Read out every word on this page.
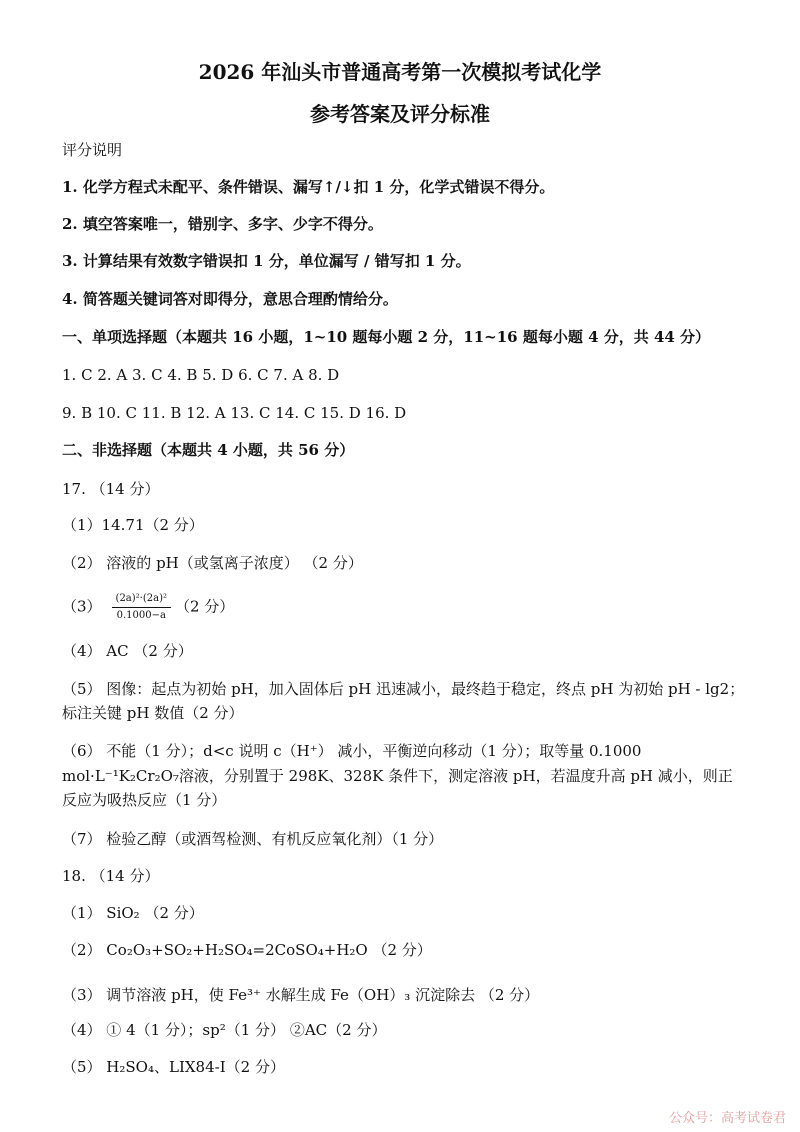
2026 年汕头市普通高考第一次模拟考试化学
参考答案及评分标准
评分说明
1. 化学方程式未配平、条件错误、漏写↑/↓扣 1 分，化学式错误不得分。
2. 填空答案唯一，错别字、多字、少字不得分。
3. 计算结果有效数字错误扣 1 分，单位漏写 / 错写扣 1 分。
4. 简答题关键词答对即得分，意思合理酌情给分。
一、单项选择题（本题共 16 小题，1~10 题每小题 2 分，11~16 题每小题 4 分，共 44 分）
1. C 2. A 3. C 4. B 5. D 6. C 7. A 8. D
9. B 10. C 11. B 12. A 13. C 14. C 15. D 16. D
二、非选择题（本题共 4 小题，共 56 分）
17. （14 分）
（1）14.71（2 分）
（2） 溶液的 pH（或氢离子浓度） （2 分）
$(3) \frac{\text{(2a)²·(2a)²}}{0.1000-a} (2$ 分）
（4） AC （2 分）
（5） 图像：起点为初始 pH，加入固体后 pH 迅速减小，最终趋于稳定，终点 pH 为初始 pH - lg2；
标注关键 pH 数值（2 分）
（6） 不能（1 分）；d<c 说明 c（H⁺） 减小，平衡逆向移动（1 分）；取等量 0.1000
mol·L⁻¹K₂Cr₂O₇溶液，分别置于 298K、328K 条件下，测定溶液 pH，若温度升高 pH 减小，则正
反应为吸热反应（1 分）
（7） 检验乙醇（或酒驾检测、有机反应氧化剂）（1 分）
18. （14 分）
（1） SiO₂ （2 分）
（2） Co₂O₃+SO₂+H₂SO₄=2CoSO₄+H₂O （2 分）
（3） 调节溶液 pH，使 Fe³⁺ 水解生成 Fe（OH）₃ 沉淀除去 （2 分）
（4） ① 4（1 分）；sp²（1 分） ②AC（2 分）
（5） H₂SO₄、LIX84-I（2 分）
公众号：高考试卷君
